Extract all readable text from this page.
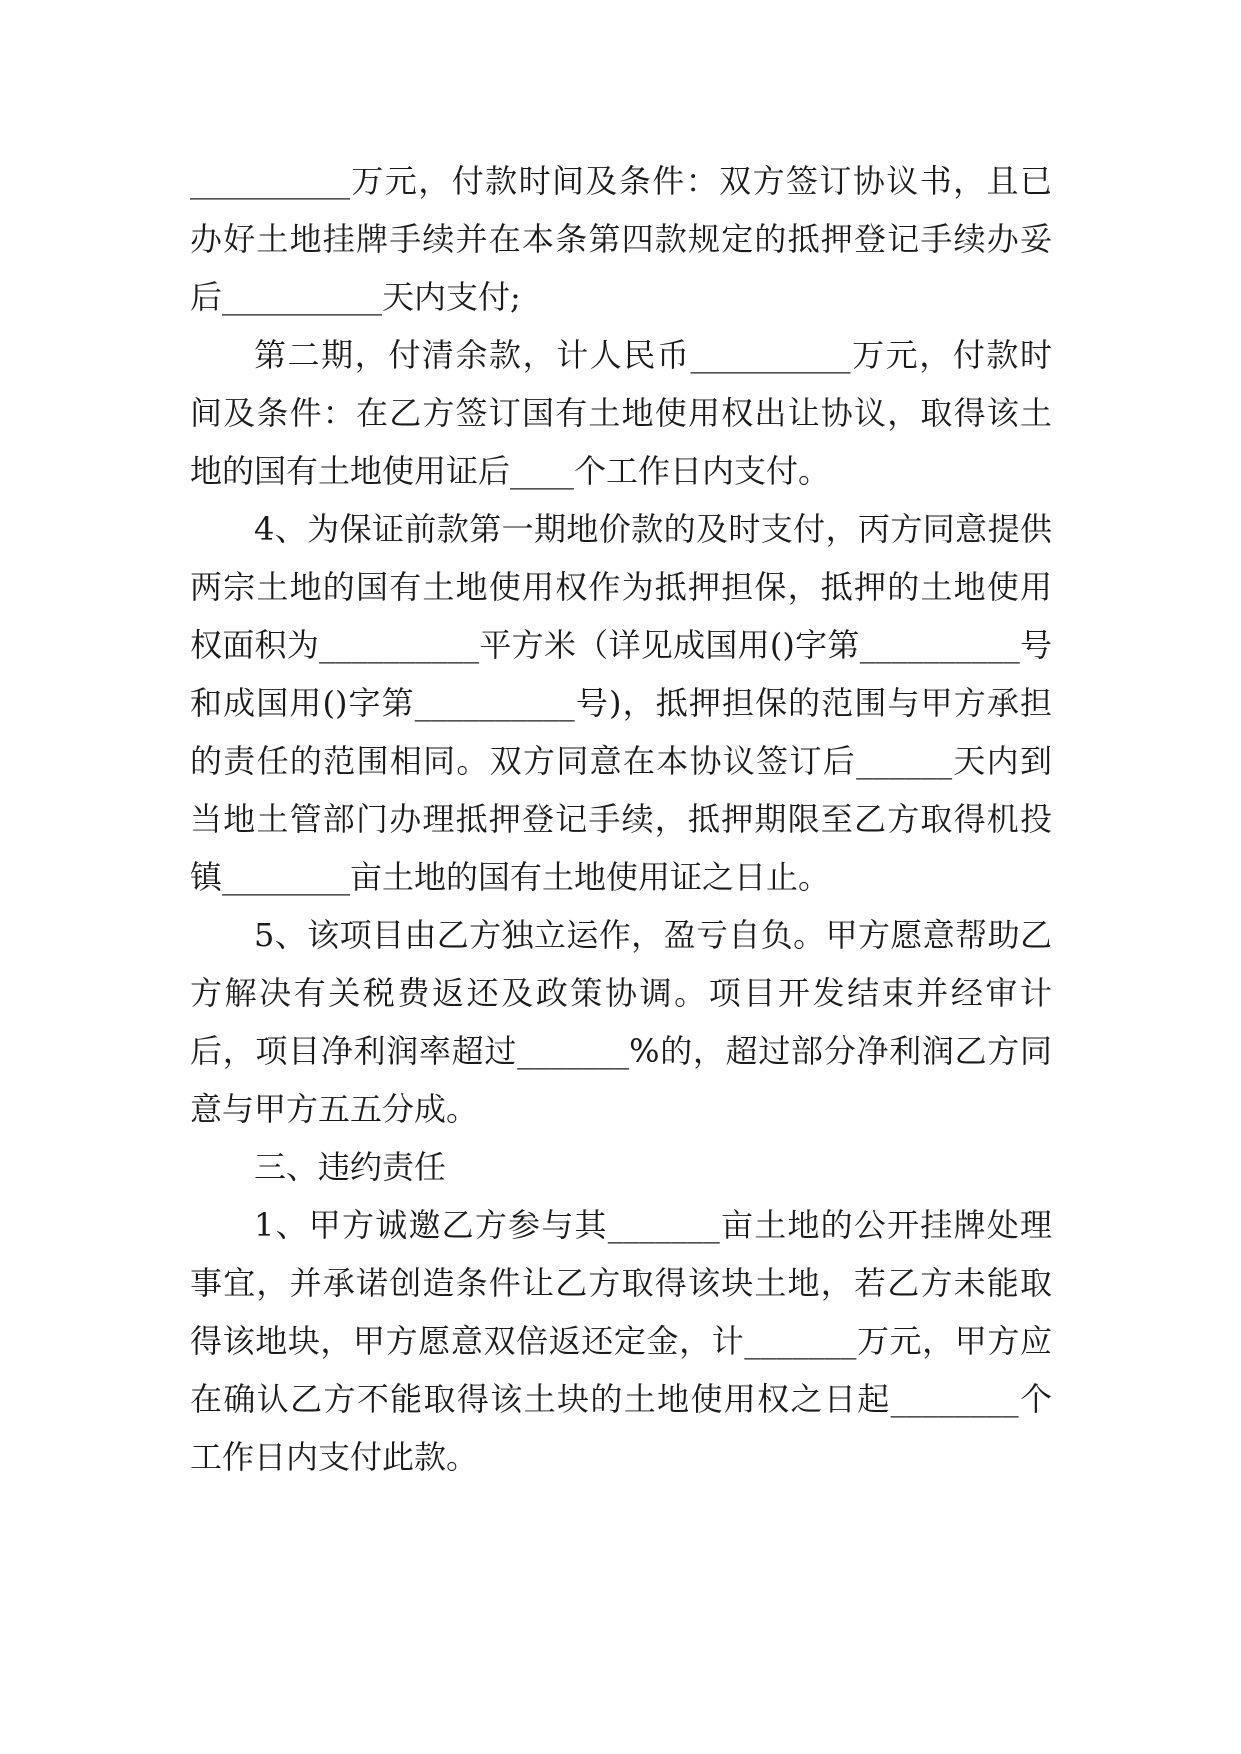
__________万元，付款时间及条件：双方签订协议书，且已办好土地挂牌手续并在本条第四款规定的抵押登记手续办妥后__________天内支付;

第二期，付清余款，计人民币__________万元，付款时间及条件：在乙方签订国有土地使用权出让协议，取得该土地的国有土地使用证后____个工作日内支付。

4、为保证前款第一期地价款的及时支付，丙方同意提供两宗土地的国有土地使用权作为抵押担保，抵押的土地使用权面积为__________平方米（详见成国用()字第__________号和成国用()字第__________号)，抵押担保的范围与甲方承担的责任的范围相同。双方同意在本协议签订后______天内到当地土管部门办理抵押登记手续，抵押期限至乙方取得机投镇________亩土地的国有土地使用证之日止。

5、该项目由乙方独立运作，盈亏自负。甲方愿意帮助乙方解决有关税费返还及政策协调。项目开发结束并经审计后，项目净利润率超过_______%的，超过部分净利润乙方同意与甲方五五分成。

三、违约责任

1、甲方诚邀乙方参与其_______亩土地的公开挂牌处理事宜，并承诺创造条件让乙方取得该块土地，若乙方未能取得该地块，甲方愿意双倍返还定金，计_______万元，甲方应在确认乙方不能取得该土块的土地使用权之日起________个工作日内支付此款。
